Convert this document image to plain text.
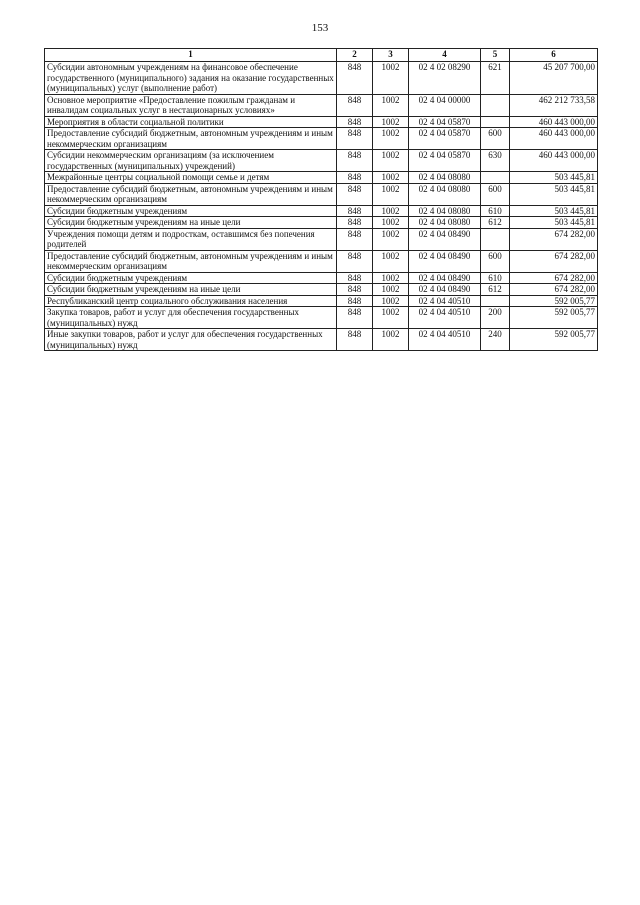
153
1	2	3	4	5	6
Субсидии автономным учреждениям на финансовое обеспечение государственного (муниципального) задания на оказание государственных (муниципальных) услуг (выполнение работ)	848	1002	02 4 02 08290	621	45 207 700,00
Основное мероприятие «Предоставление пожилым гражданам и инвалидам социальных услуг в нестационарных условиях»	848	1002	02 4 04 00000		462 212 733,58
Мероприятия в области социальной политики	848	1002	02 4 04 05870		460 443 000,00
Предоставление субсидий бюджетным, автономным учреждениям и иным некоммерческим организациям	848	1002	02 4 04 05870	600	460 443 000,00
Субсидии некоммерческим организациям (за исключением государственных (муниципальных) учреждений)	848	1002	02 4 04 05870	630	460 443 000,00
Межрайонные центры социальной помощи семье и детям	848	1002	02 4 04 08080		503 445,81
Предоставление субсидий бюджетным, автономным учреждениям и иным некоммерческим организациям	848	1002	02 4 04 08080	600	503 445,81
Субсидии бюджетным учреждениям	848	1002	02 4 04 08080	610	503 445,81
Субсидии бюджетным учреждениям на иные цели	848	1002	02 4 04 08080	612	503 445,81
Учреждения помощи детям и подросткам, оставшимся без попечения родителей	848	1002	02 4 04 08490		674 282,00
Предоставление субсидий бюджетным, автономным учреждениям и иным некоммерческим организациям	848	1002	02 4 04 08490	600	674 282,00
Субсидии бюджетным учреждениям	848	1002	02 4 04 08490	610	674 282,00
Субсидии бюджетным учреждениям на иные цели	848	1002	02 4 04 08490	612	674 282,00
Республиканский центр социального обслуживания населения	848	1002	02 4 04 40510		592 005,77
Закупка товаров, работ и услуг для обеспечения государственных (муниципальных) нужд	848	1002	02 4 04 40510	200	592 005,77
Иные закупки товаров, работ и услуг для обеспечения государственных (муниципальных) нужд	848	1002	02 4 04 40510	240	592 005,77
